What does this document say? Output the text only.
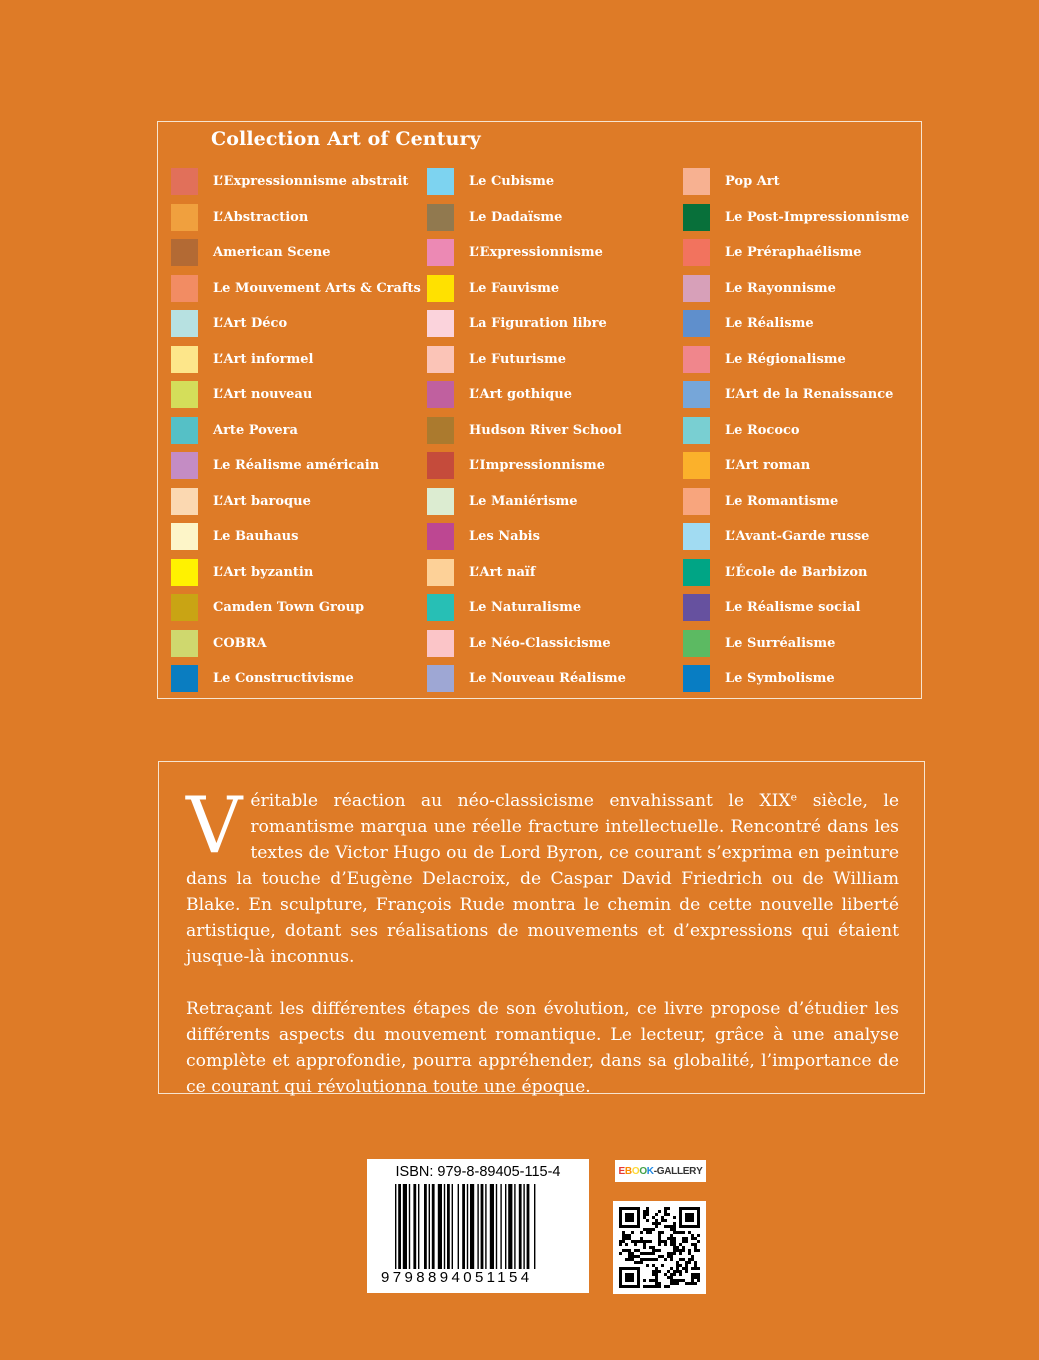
Collection Art of Century
L’Expressionnisme abstrait
L’Abstraction
American Scene
Le Mouvement Arts & Crafts
L’Art Déco
L’Art informel
L’Art nouveau
Arte Povera
Le Réalisme américain
L’Art baroque
Le Bauhaus
L’Art byzantin
Camden Town Group
COBRA
Le Constructivisme
Le Cubisme
Le Dadaïsme
L’Expressionnisme
Le Fauvisme
La Figuration libre
Le Futurisme
L’Art gothique
Hudson River School
L’Impressionnisme
Le Maniérisme
Les Nabis
L’Art naïf
Le Naturalisme
Le Néo-Classicisme
Le Nouveau Réalisme
Pop Art
Le Post-Impressionnisme
Le Préraphaélisme
Le Rayonnisme
Le Réalisme
Le Régionalisme
L’Art de la Renaissance
Le Rococo
L’Art roman
Le Romantisme
L’Avant-Garde russe
L’École de Barbizon
Le Réalisme social
Le Surréalisme
Le Symbolisme

Véritable réaction au néo-classicisme envahissant le XIXᵉ siècle, le romantisme marqua une réelle fracture intellectuelle. Rencontré dans les textes de Victor Hugo ou de Lord Byron, ce courant s’exprima en peinture dans la touche d’Eugène Delacroix, de Caspar David Friedrich ou de William Blake. En sculpture, François Rude montra le chemin de cette nouvelle liberté artistique, dotant ses réalisations de mouvements et d’expressions qui étaient jusque-là inconnus.

Retraçant les différentes étapes de son évolution, ce livre propose d’étudier les différents aspects du mouvement romantique. Le lecteur, grâce à une analyse complète et approfondie, pourra appréhender, dans sa globalité, l’importance de ce courant qui révolutionna toute une époque.

ISBN: 979-8-89405-115-4
9798894051154
E B O O K - G A L L E R Y
